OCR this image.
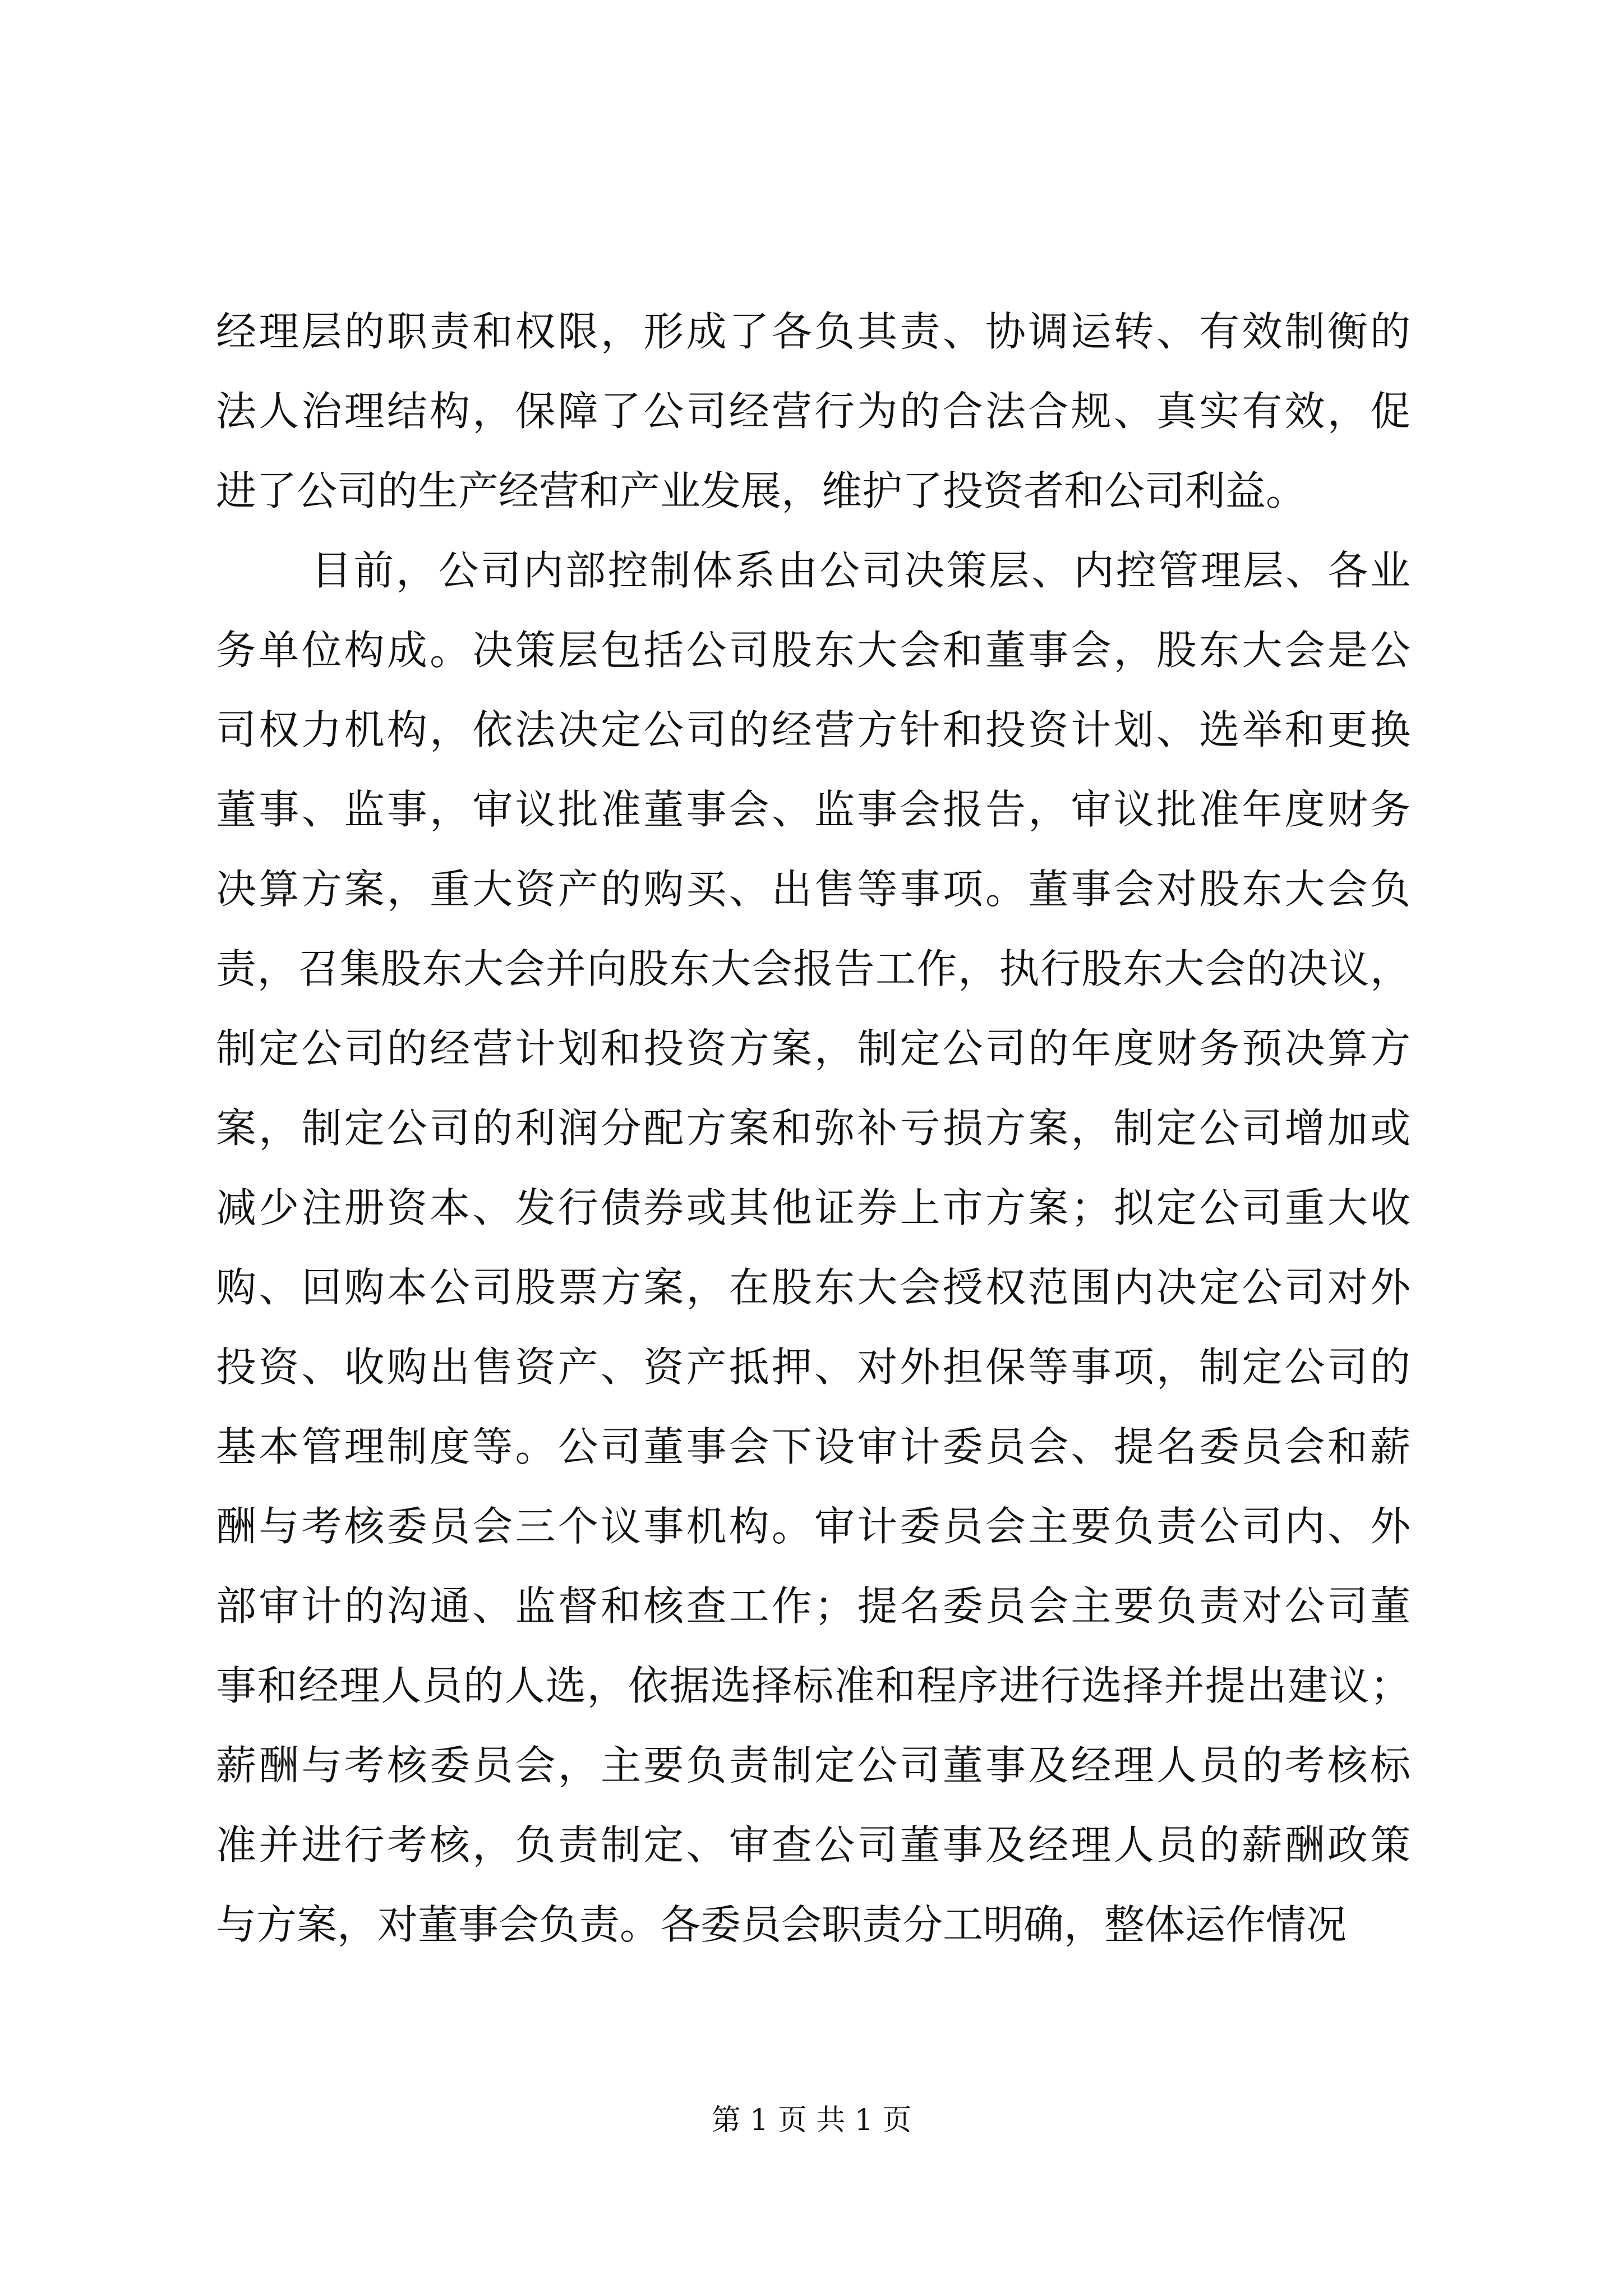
经理层的职责和权限，形成了各负其责、协调运转、有效制衡的
法人治理结构，保障了公司经营行为的合法合规、真实有效，促
进了公司的生产经营和产业发展，维护了投资者和公司利益。
目前，公司内部控制体系由公司决策层、内控管理层、各业
务单位构成。决策层包括公司股东大会和董事会，股东大会是公
司权力机构，依法决定公司的经营方针和投资计划、选举和更换
董事、监事，审议批准董事会、监事会报告，审议批准年度财务
决算方案，重大资产的购买、出售等事项。董事会对股东大会负
责，召集股东大会并向股东大会报告工作，执行股东大会的决议，
制定公司的经营计划和投资方案，制定公司的年度财务预决算方
案，制定公司的利润分配方案和弥补亏损方案，制定公司增加或
减少注册资本、发行债券或其他证券上市方案；拟定公司重大收
购、回购本公司股票方案，在股东大会授权范围内决定公司对外
投资、收购出售资产、资产抵押、对外担保等事项，制定公司的
基本管理制度等。公司董事会下设审计委员会、提名委员会和薪
酬与考核委员会三个议事机构。审计委员会主要负责公司内、外
部审计的沟通、监督和核查工作；提名委员会主要负责对公司董
事和经理人员的人选，依据选择标准和程序进行选择并提出建议；
薪酬与考核委员会，主要负责制定公司董事及经理人员的考核标
准并进行考核，负责制定、审查公司董事及经理人员的薪酬政策
与方案，对董事会负责。各委员会职责分工明确，整体运作情况
第 1 页 共 1 页
